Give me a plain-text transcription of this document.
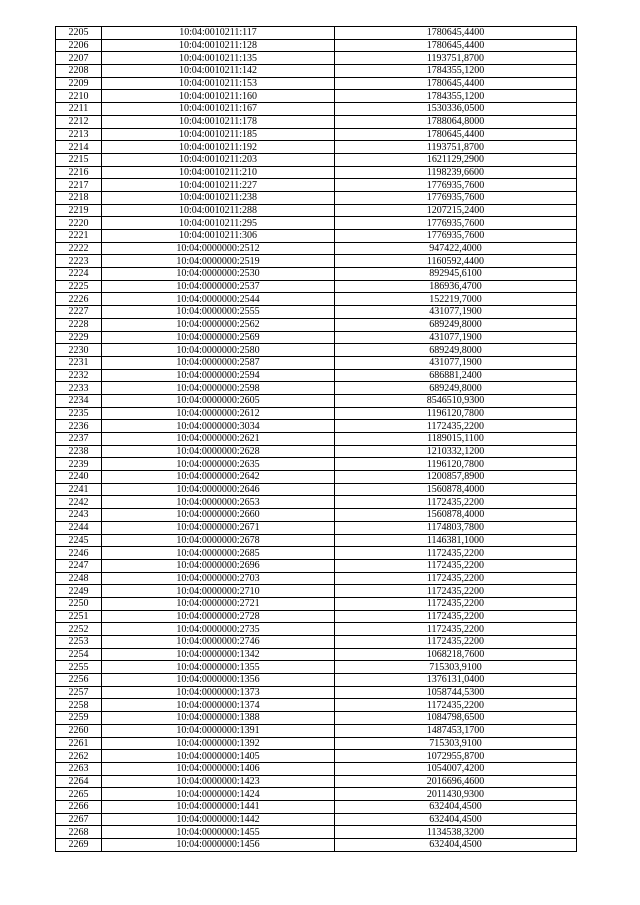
2205	10:04:0010211:117	1780645,4400
2206	10:04:0010211:128	1780645,4400
2207	10:04:0010211:135	1193751,8700
2208	10:04:0010211:142	1784355,1200
2209	10:04:0010211:153	1780645,4400
2210	10:04:0010211:160	1784355,1200
2211	10:04:0010211:167	1530336,0500
2212	10:04:0010211:178	1788064,8000
2213	10:04:0010211:185	1780645,4400
2214	10:04:0010211:192	1193751,8700
2215	10:04:0010211:203	1621129,2900
2216	10:04:0010211:210	1198239,6600
2217	10:04:0010211:227	1776935,7600
2218	10:04:0010211:238	1776935,7600
2219	10:04:0010211:288	1207215,2400
2220	10:04:0010211:295	1776935,7600
2221	10:04:0010211:306	1776935,7600
2222	10:04:0000000:2512	947422,4000
2223	10:04:0000000:2519	1160592,4400
2224	10:04:0000000:2530	892945,6100
2225	10:04:0000000:2537	186936,4700
2226	10:04:0000000:2544	152219,7000
2227	10:04:0000000:2555	431077,1900
2228	10:04:0000000:2562	689249,8000
2229	10:04:0000000:2569	431077,1900
2230	10:04:0000000:2580	689249,8000
2231	10:04:0000000:2587	431077,1900
2232	10:04:0000000:2594	686881,2400
2233	10:04:0000000:2598	689249,8000
2234	10:04:0000000:2605	8546510,9300
2235	10:04:0000000:2612	1196120,7800
2236	10:04:0000000:3034	1172435,2200
2237	10:04:0000000:2621	1189015,1100
2238	10:04:0000000:2628	1210332,1200
2239	10:04:0000000:2635	1196120,7800
2240	10:04:0000000:2642	1200857,8900
2241	10:04:0000000:2646	1560878,4000
2242	10:04:0000000:2653	1172435,2200
2243	10:04:0000000:2660	1560878,4000
2244	10:04:0000000:2671	1174803,7800
2245	10:04:0000000:2678	1146381,1000
2246	10:04:0000000:2685	1172435,2200
2247	10:04:0000000:2696	1172435,2200
2248	10:04:0000000:2703	1172435,2200
2249	10:04:0000000:2710	1172435,2200
2250	10:04:0000000:2721	1172435,2200
2251	10:04:0000000:2728	1172435,2200
2252	10:04:0000000:2735	1172435,2200
2253	10:04:0000000:2746	1172435,2200
2254	10:04:0000000:1342	1068218,7600
2255	10:04:0000000:1355	715303,9100
2256	10:04:0000000:1356	1376131,0400
2257	10:04:0000000:1373	1058744,5300
2258	10:04:0000000:1374	1172435,2200
2259	10:04:0000000:1388	1084798,6500
2260	10:04:0000000:1391	1487453,1700
2261	10:04:0000000:1392	715303,9100
2262	10:04:0000000:1405	1072955,8700
2263	10:04:0000000:1406	1054007,4200
2264	10:04:0000000:1423	2016696,4600
2265	10:04:0000000:1424	2011430,9300
2266	10:04:0000000:1441	632404,4500
2267	10:04:0000000:1442	632404,4500
2268	10:04:0000000:1455	1134538,3200
2269	10:04:0000000:1456	632404,4500
